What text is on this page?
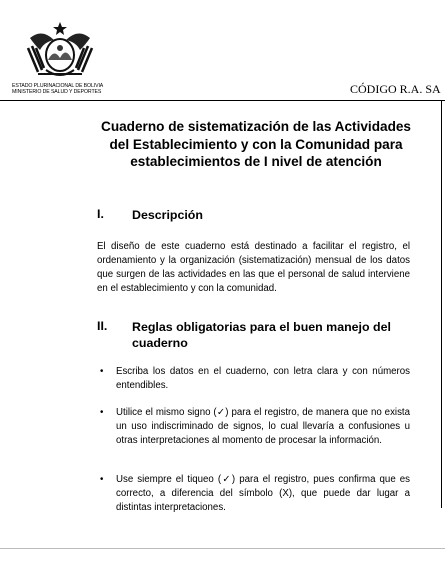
ESTADO PLURINACIONAL DE BOLIVIA
MINISTERIO DE SALUD Y DEPORTES	CÓDIGO R.A. SA
Cuaderno de sistematización de las Actividades del Establecimiento y con la Comunidad para establecimientos de I nivel de atención
I. Descripción
El diseño de este cuaderno está destinado a facilitar el registro, el ordenamiento y la organización (sistematización) mensual de los datos que surgen de las actividades en las que el personal de salud interviene en el establecimiento y con la comunidad.
II. Reglas obligatorias para el buen manejo del cuaderno
• Escriba los datos en el cuaderno, con letra clara y con números entendibles.
• Utilice el mismo signo (✓) para el registro, de manera que no exista un uso indiscriminado de signos, lo cual llevaría a confusiones u otras interpretaciones al momento de procesar la información.
• Use siempre el tiqueo (✓) para el registro, pues confirma que es correcto, a diferencia del símbolo (X), que puede dar lugar a distintas interpretaciones.
